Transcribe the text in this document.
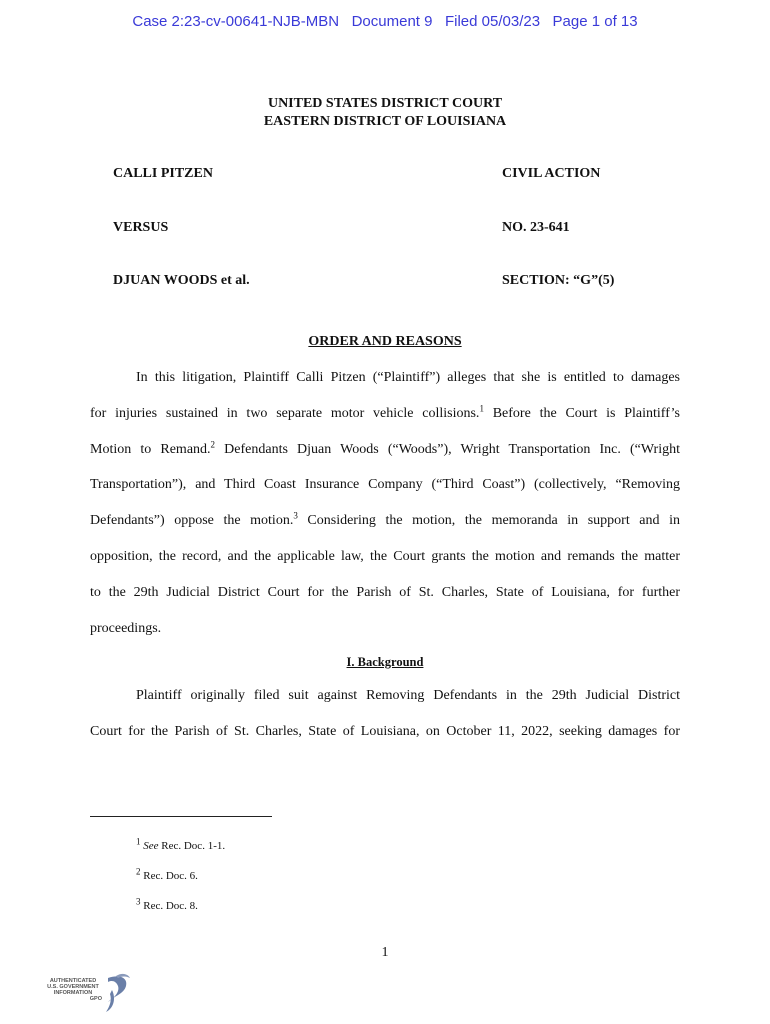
Case 2:23-cv-00641-NJB-MBN   Document 9   Filed 05/03/23   Page 1 of 13
UNITED STATES DISTRICT COURT
EASTERN DISTRICT OF LOUISIANA
CALLI PITZEN
VERSUS
DJUAN WOODS et al.
CIVIL ACTION
NO. 23-641
SECTION: “G”(5)
ORDER AND REASONS
In this litigation, Plaintiff Calli Pitzen (“Plaintiff”) alleges that she is entitled to damages
for injuries sustained in two separate motor vehicle collisions.$^1$ Before the Court is Plaintiff’s
Motion to Remand.$^2$ Defendants Djuan Woods (“Woods”), Wright Transportation Inc. (“Wright
Transportation”), and Third Coast Insurance Company (“Third Coast”) (collectively, “Removing
Defendants”) oppose the motion.$^3$ Considering the motion, the memoranda in support and in
opposition, the record, and the applicable law, the Court grants the motion and remands the matter
to the 29th Judicial District Court for the Parish of St. Charles, State of Louisiana, for further
proceedings.
I. Background
Plaintiff originally filed suit against Removing Defendants in the 29th Judicial District
Court for the Parish of St. Charles, State of Louisiana, on October 11, 2022, seeking damages for
$^1$ See Rec. Doc. 1-1.
$^2$ Rec. Doc. 6.
$^3$ Rec. Doc. 8.
1
AUTHENTICATED
U.S. GOVERNMENT
INFORMATION
GPO
